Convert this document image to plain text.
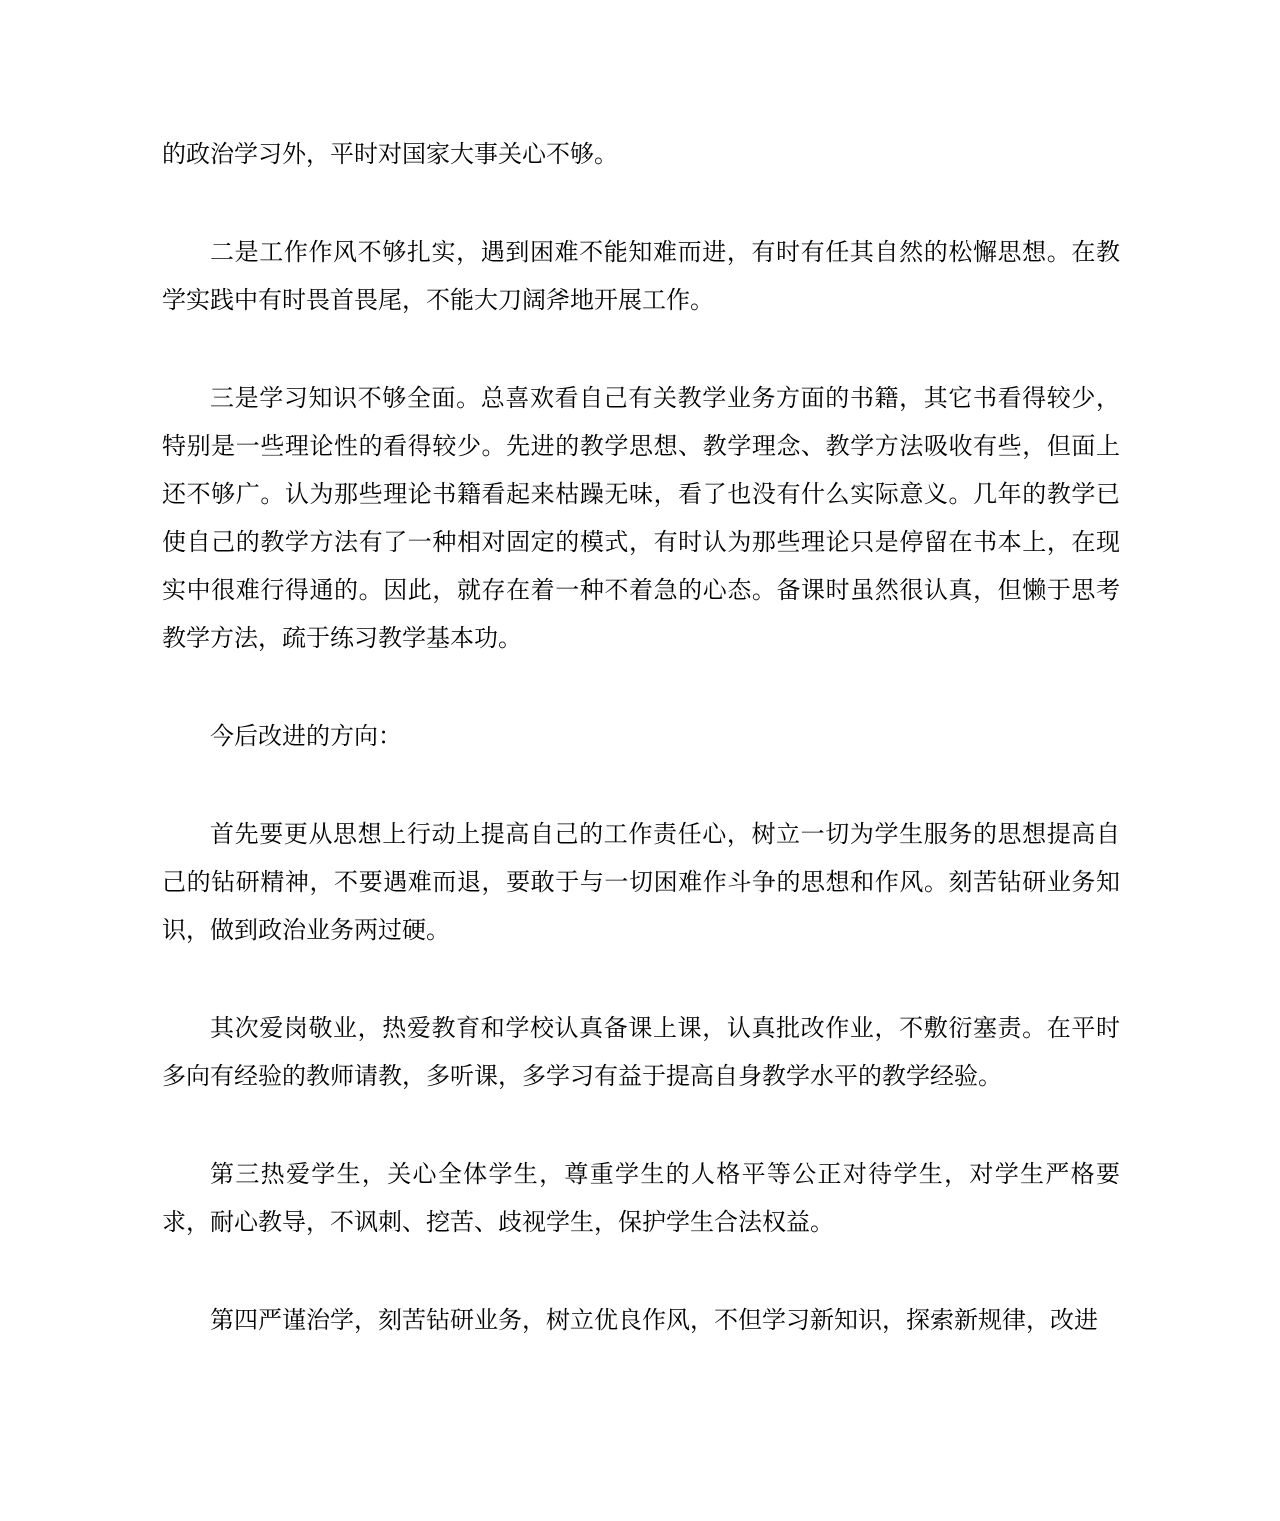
的政治学习外，平时对国家大事关心不够。

二是工作作风不够扎实，遇到困难不能知难而进，有时有任其自然的松懈思想。在教学实践中有时畏首畏尾，不能大刀阔斧地开展工作。

三是学习知识不够全面。总喜欢看自己有关教学业务方面的书籍，其它书看得较少，特别是一些理论性的看得较少。先进的教学思想、教学理念、教学方法吸收有些，但面上还不够广。认为那些理论书籍看起来枯躁无味，看了也没有什么实际意义。几年的教学已使自己的教学方法有了一种相对固定的模式，有时认为那些理论只是停留在书本上，在现实中很难行得通的。因此，就存在着一种不着急的心态。备课时虽然很认真，但懒于思考教学方法，疏于练习教学基本功。

今后改进的方向：

首先要更从思想上行动上提高自己的工作责任心，树立一切为学生服务的思想提高自己的钻研精神，不要遇难而退，要敢于与一切困难作斗争的思想和作风。刻苦钻研业务知识，做到政治业务两过硬。

其次爱岗敬业，热爱教育和学校认真备课上课，认真批改作业，不敷衍塞责。在平时多向有经验的教师请教，多听课，多学习有益于提高自身教学水平的教学经验。

第三热爱学生，关心全体学生，尊重学生的人格平等公正对待学生，对学生严格要求，耐心教导，不讽刺、挖苦、歧视学生，保护学生合法权益。

第四严谨治学，刻苦钻研业务，树立优良作风，不但学习新知识，探索新规律，改进
